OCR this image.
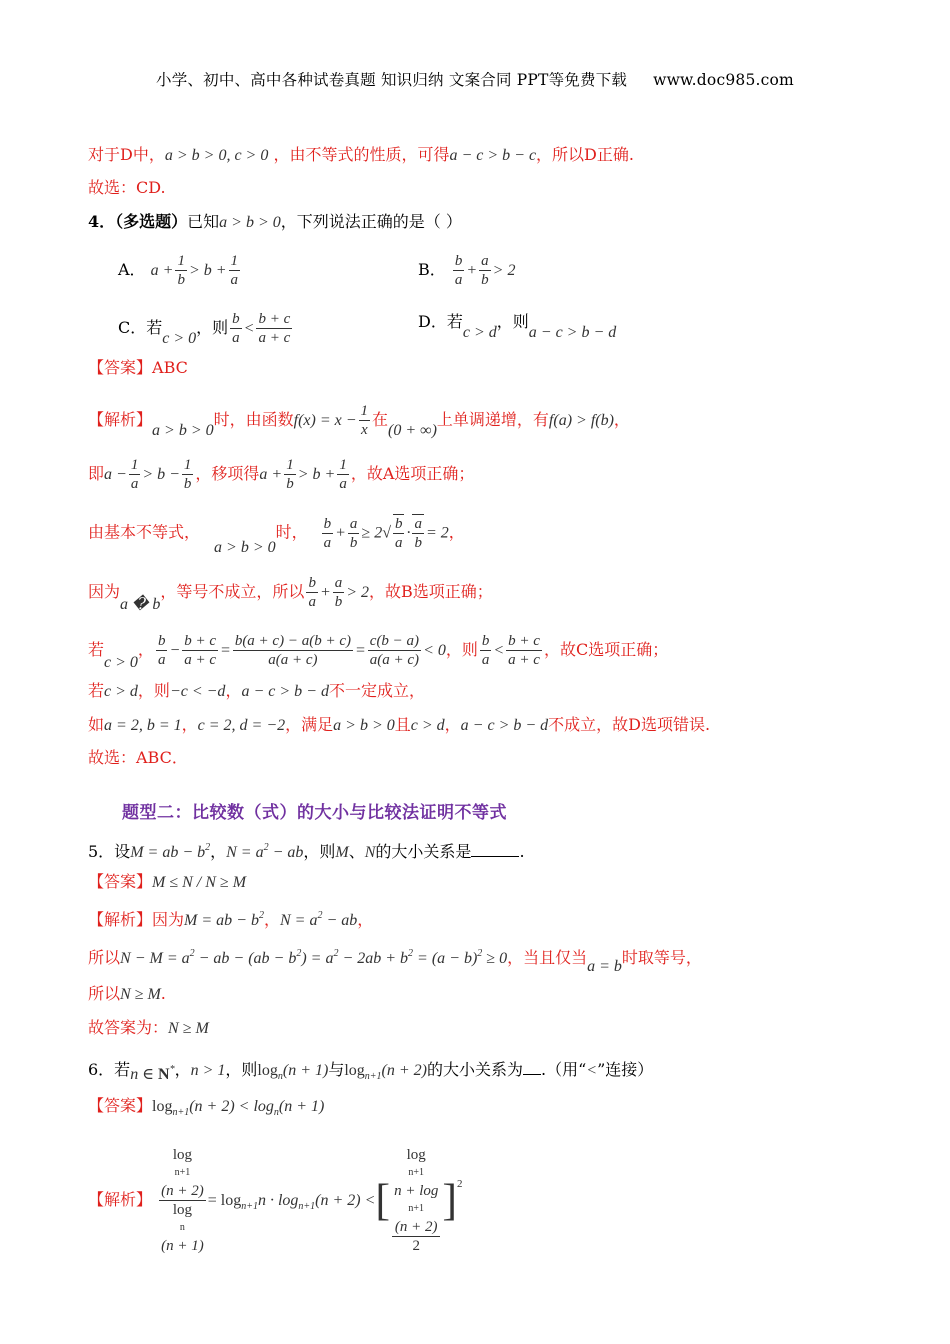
小学、初中、高中各种试卷真题 知识归纳 文案合同 PPT等免费下载 www.doc985.com
对于D中，a > b > 0, c > 0 ，由不等式的性质，可得a − c > b − c，所以D正确.
故选：CD.
4．（多选题）已知a > b > 0，下列说法正确的是（ ）
A． $a + \frac{1}{b} > b + \frac{1}{a}$	B． $\frac{b}{a} + \frac{a}{b} > 2$
C．若c > 0，则 $\frac{b}{a} < \frac{b + c}{a + c}$	D．若c > d，则a − c > b − d
【答案】ABC
【解析】a > b > 0时，由函数$f(x) = x - \frac{1}{x}$ 在(0 + ∞)上单调递增，有f(a) > f(b)，
即$a - \frac{1}{a} > b - \frac{1}{b}$ ，移项得$a + \frac{1}{b} > b + \frac{1}{a}$ ，故A选项正确；
由基本不等式，a > b > 0时， $\frac{b}{a} + \frac{a}{b} \ge 2√ \frac{b}{a} \cdot \frac{a}{b} = 2$，
因为a � b，等号不成立，所以 $\frac{b}{a} + \frac{a}{b} > 2$，故B选项正确；
若c > 0， $\frac{b}{a} - \frac{b + c}{a + c} = \frac{b(a + c) - a(b + c)}{a(a + c)} = \frac{c(b - a)}{a(a + c)} < 0$，则 $\frac{b}{a} < \frac{b + c}{a + c}$ ，故C选项正确；
若c > d，则−c < −d，a − c > b − d不一定成立，
如a = 2, b = 1，c = 2, d = −2，满足a > b > 0且c > d，a − c > b − d不成立，故D选项错误.
故选：ABC．
题型二：比较数（式）的大小与比较法证明不等式
5．设M = ab − $b^2$，$N = a^2$ − ab，则M、N的大小关系是	.
【答案】M ≤ N / N ≥ M
【解析】因为M = ab − $b^2$，$N = a^2$ − ab，
所以$N - M = a^2$ − ab − $(ab - b^2) = a^2 - 2ab + b^2 = (a - b)^2 \ge 0$，当且仅当a = b时取等号，
所以N ≥ M.
故答案为：N ≥ M
6．若n ∈ N*，n > 1，则$\log_n(n + 1)$与$\log_{n+1}(n + 2)$的大小关系为 .（用“<”连接）
【答案】$\log_{n+1}(n + 2) < \log_n(n + 1)$
【解析】 log
n+1
(n + 2)
log
n
$(n + 1) = \log_{n+1}n \cdot \log_{n+1}(n + 2)$ <[ log
n+1
n + log
n+1
(n + 2)
2 ]$^2$
